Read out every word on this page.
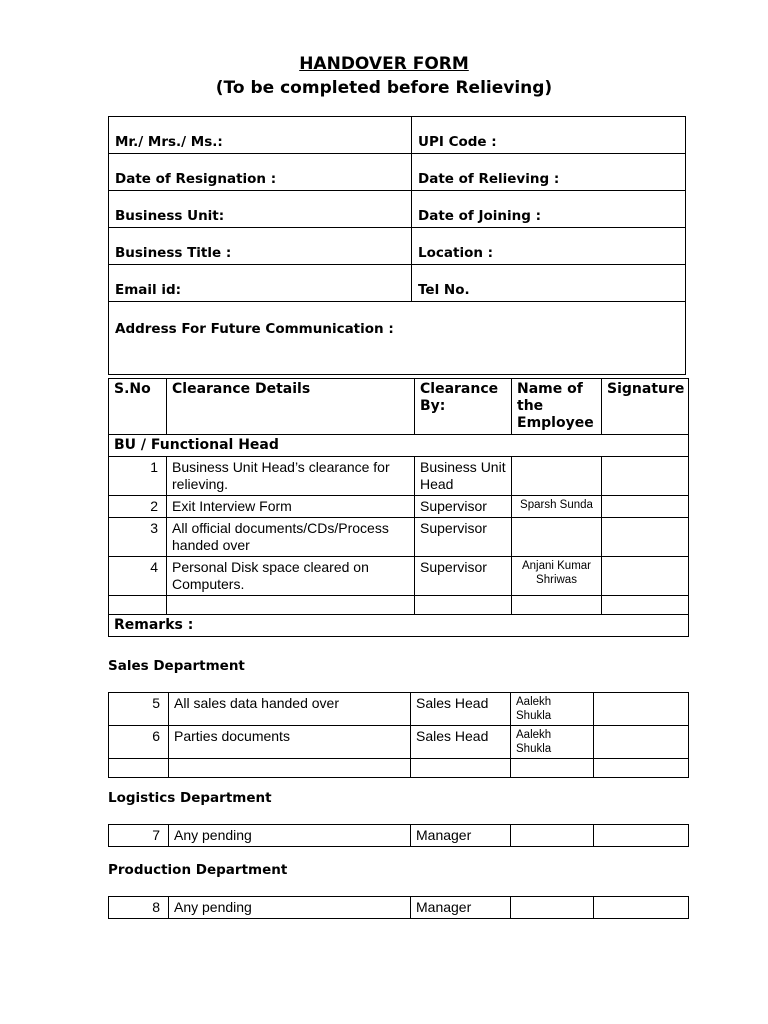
HANDOVER FORM
(To be completed before Relieving)
Mr./ Mrs./ Ms.:	UPI Code :
Date of Resignation :	Date of Relieving :
Business Unit:	Date of Joining :
Business Title :	Location :
Email id:	Tel No.
Address For Future Communication :	
S.No	Clearance Details	Clearance By:	Name of the Employee	Signature
BU / Functional Head				
1	Business Unit Head’s clearance for relieving.	Business Unit Head		
2	Exit Interview Form	Supervisor	Sparsh Sunda	
3	All official documents/CDs/Process handed over	Supervisor		
4	Personal Disk space cleared on Computers.	Supervisor	Anjani Kumar Shriwas	

Remarks :				
Sales Department
5	All sales data handed over	Sales Head	Aalekh Shukla	
6	Parties documents	Sales Head	Aalekh Shukla	

Logistics Department
7	Any pending	Manager		
Production Department
8	Any pending	Manager		
